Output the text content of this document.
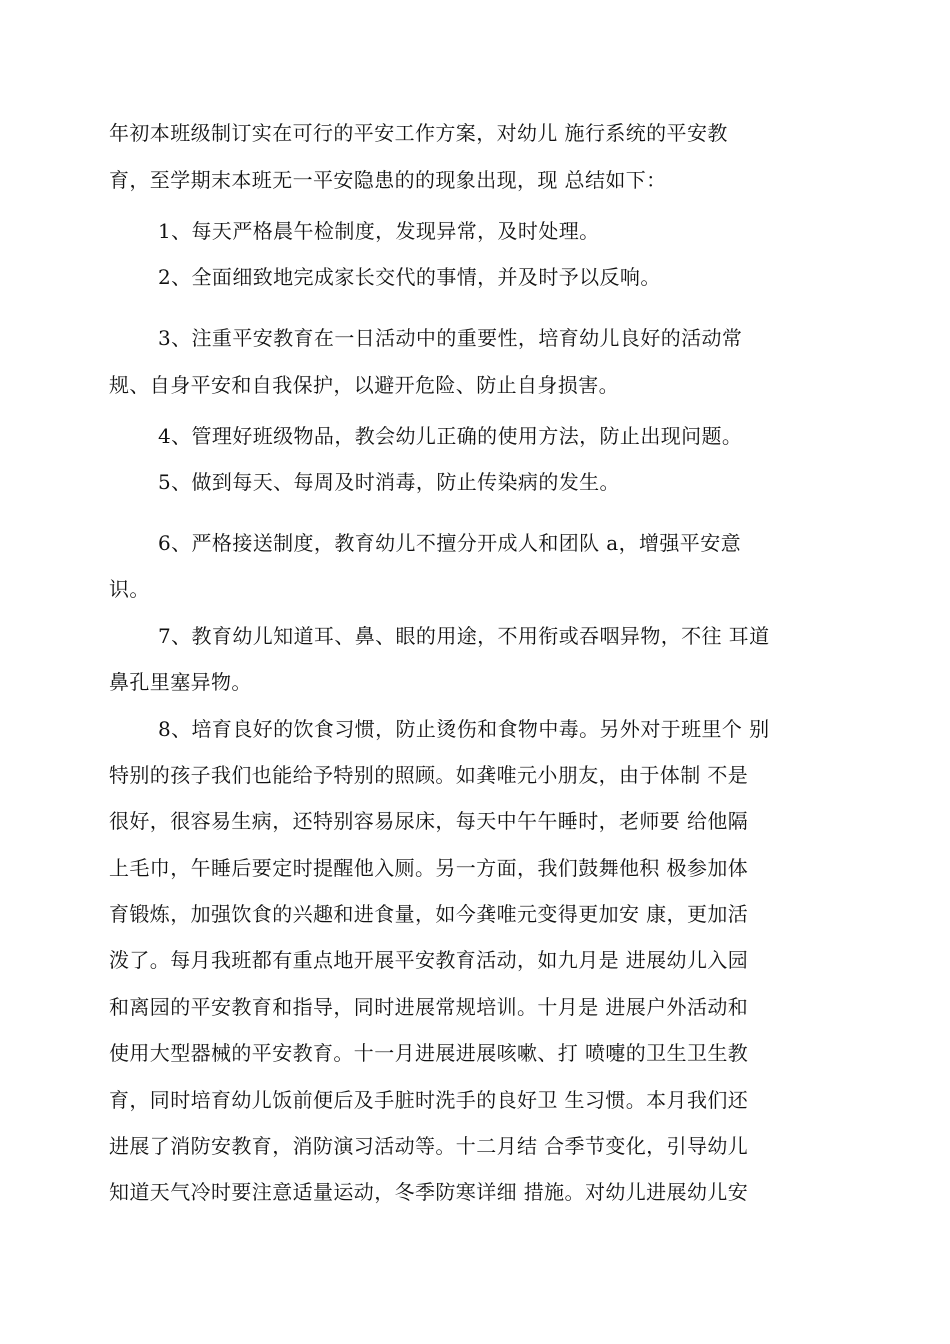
年初本班级制订实在可行的平安工作方案，对幼儿 施行系统的平安教
育，至学期末本班无一平安隐患的的现象出现，现 总结如下：
1、每天严格晨午检制度，发现异常，及时处理。
2、全面细致地完成家长交代的事情，并及时予以反响。
3、注重平安教育在一日活动中的重要性，培育幼儿良好的活动常
规、自身平安和自我保护，以避开危险、防止自身损害。
4、管理好班级物品，教会幼儿正确的使用方法，防止出现问题。
5、做到每天、每周及时消毒，防止传染病的发生。
6、严格接送制度，教育幼儿不擅分开成人和团队 a，增强平安意
识。
7、教育幼儿知道耳、鼻、眼的用途，不用衔或吞咽异物，不往 耳道
鼻孔里塞异物。
8、培育良好的饮食习惯，防止烫伤和食物中毒。另外对于班里个 别
特别的孩子我们也能给予特别的照顾。如龚唯元小朋友，由于体制 不是
很好，很容易生病，还特别容易尿床，每天中午午睡时，老师要 给他隔
上毛巾，午睡后要定时提醒他入厕。另一方面，我们鼓舞他积 极参加体
育锻炼，加强饮食的兴趣和进食量，如今龚唯元变得更加安 康，更加活
泼了。每月我班都有重点地开展平安教育活动，如九月是 进展幼儿入园
和离园的平安教育和指导，同时进展常规培训。十月是 进展户外活动和
使用大型器械的平安教育。十一月进展进展咳嗽、打 喷嚏的卫生卫生教
育，同时培育幼儿饭前便后及手脏时洗手的良好卫 生习惯。本月我们还
进展了消防安教育，消防演习活动等。十二月结 合季节变化，引导幼儿
知道天气冷时要注意适量运动，冬季防寒详细 措施。对幼儿进展幼儿安
